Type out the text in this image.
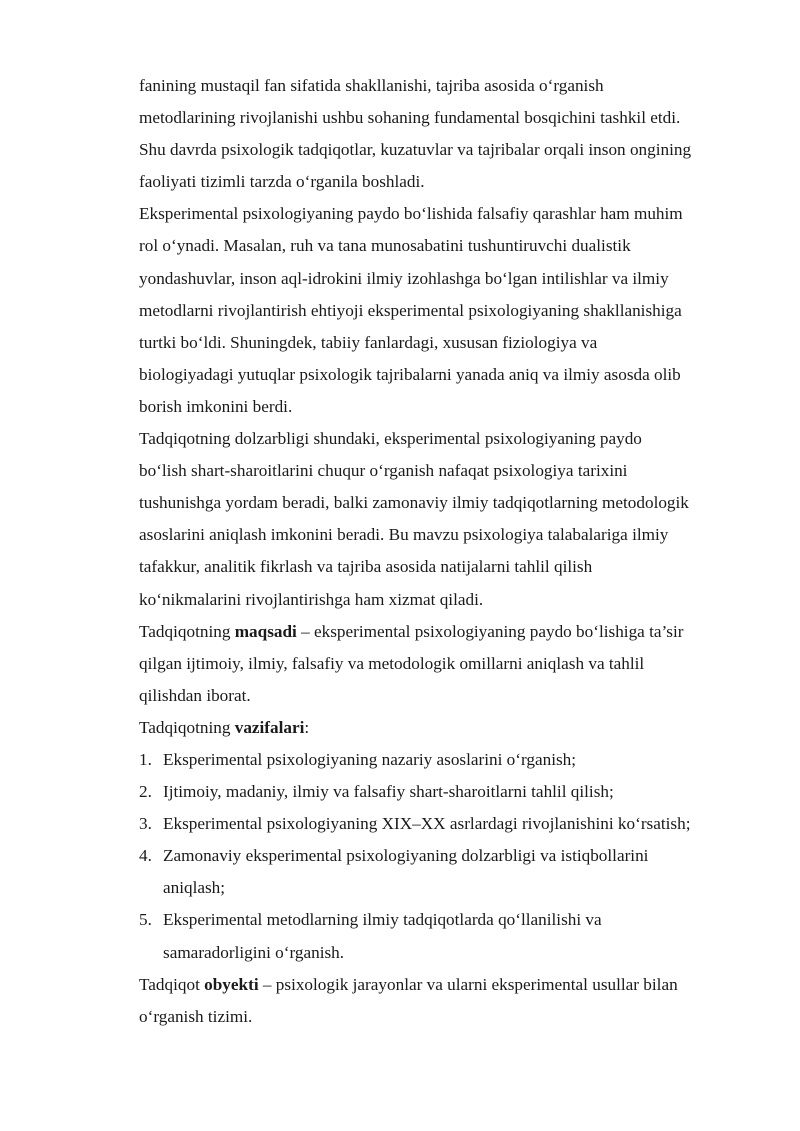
fanining mustaqil fan sifatida shakllanishi, tajriba asosida o‘rganish
metodlarining rivojlanishi ushbu sohaning fundamental bosqichini tashkil etdi.
Shu davrda psixologik tadqiqotlar, kuzatuvlar va tajribalar orqali inson ongining
faoliyati tizimli tarzda o‘rganila boshladi.

Eksperimental psixologiyaning paydo bo‘lishida falsafiy qarashlar ham muhim
rol o‘ynadi. Masalan, ruh va tana munosabatini tushuntiruvchi dualistik
yondashuvlar, inson aql-idrokini ilmiy izohlashga bo‘lgan intilishlar va ilmiy
metodlarni rivojlantirish ehtiyoji eksperimental psixologiyaning shakllanishiga
turtki bo‘ldi. Shuningdek, tabiiy fanlardagi, xususan fiziologiya va
biologiyadagi yutuqlar psixologik tajribalarni yanada aniq va ilmiy asosda olib
borish imkonini berdi.

Tadqiqotning dolzarbligi shundaki, eksperimental psixologiyaning paydo
bo‘lish shart-sharoitlarini chuqur o‘rganish nafaqat psixologiya tarixini
tushunishga yordam beradi, balki zamonaviy ilmiy tadqiqotlarning metodologik
asoslarini aniqlash imkonini beradi. Bu mavzu psixologiya talabalariga ilmiy
tafakkur, analitik fikrlash va tajriba asosida natijalarni tahlil qilish
ko‘nikmalarini rivojlantirishga ham xizmat qiladi.

Tadqiqotning maqsadi – eksperimental psixologiyaning paydo bo‘lishiga ta’sir
qilgan ijtimoiy, ilmiy, falsafiy va metodologik omillarni aniqlash va tahlil
qilishdan iborat.

Tadqiqotning vazifalari:

1. Eksperimental psixologiyaning nazariy asoslarini o‘rganish;
2. Ijtimoiy, madaniy, ilmiy va falsafiy shart-sharoitlarni tahlil qilish;
3. Eksperimental psixologiyaning XIX–XX asrlardagi rivojlanishini ko‘rsatish;
4. Zamonaviy eksperimental psixologiyaning dolzarbligi va istiqbollarini
aniqlash;
5. Eksperimental metodlarning ilmiy tadqiqotlarda qo‘llanilishi va
samaradorligini o‘rganish.

Tadqiqot obyekti – psixologik jarayonlar va ularni eksperimental usullar bilan
o‘rganish tizimi.
